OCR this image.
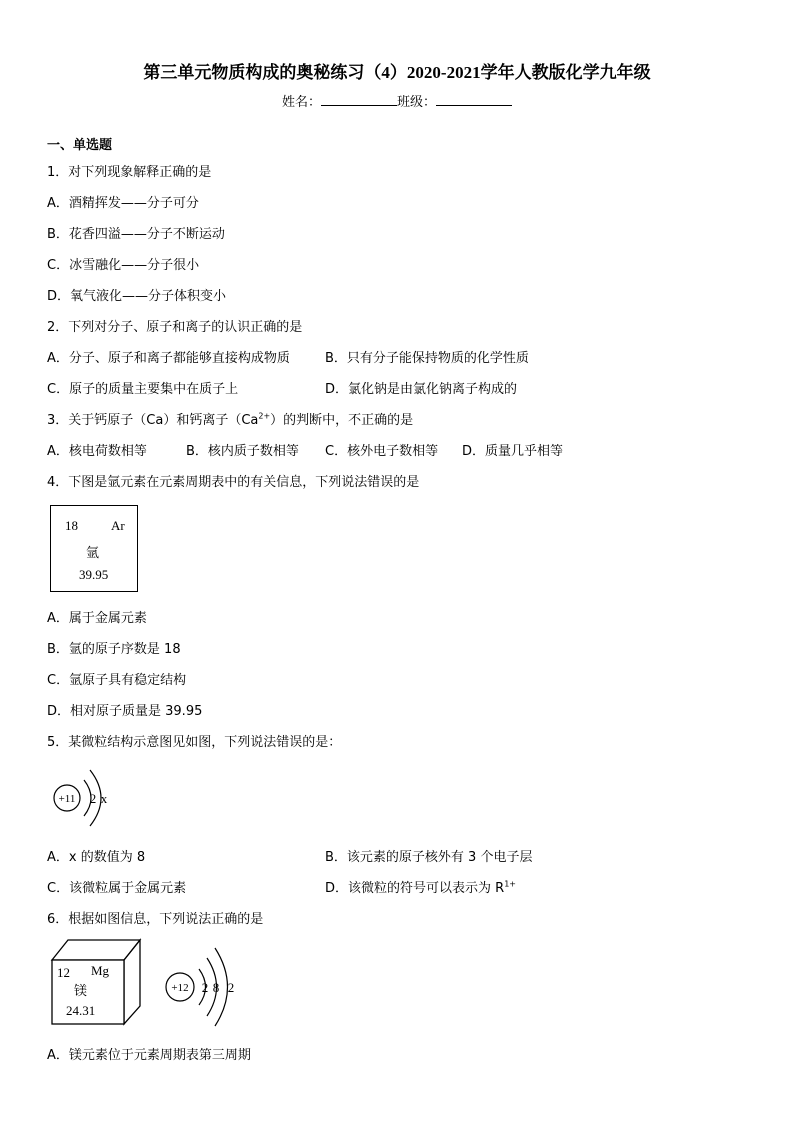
第三单元物质构成的奥秘练习（4）2020-2021学年人教版化学九年级
姓名：	班级：
一、单选题
1．对下列现象解释正确的是
A．酒精挥发——分子可分
B．花香四溢——分子不断运动
C．冰雪融化——分子很小
D．氧气液化——分子体积变小
2．下列对分子、原子和离子的认识正确的是
A．分子、原子和离子都能够直接构成物质	B．只有分子能保持物质的化学性质
C．原子的质量主要集中在质子上	D．氯化钠是由氯化钠离子构成的
3．关于钙原子（Ca）和钙离子$(Ca^{2+})$的判断中，不正确的是
A．核电荷数相等	B．核内质子数相等 C．核外电子数相等 D．质量几乎相等
4．下图是氩元素在元素周期表中的有关信息，下列说法错误的是
18	Ar
氩
39.95
A．属于金属元素
B．氩的原子序数是 18
C．氩原子具有稳定结构
D．相对原子质量是 39.95
5．某微粒结构示意图见如图，下列说法错误的是：
+11 2 x
A．x 的数值为 8	B．该元素的原子核外有 3 个电子层
C．该微粒属于金属元素	D．该微粒的符号可以表示为 $R^{1+}$
6．根据如图信息，下列说法正确的是
12 Mg
镁
24.31
+12 2 8 2
A．镁元素位于元素周期表第三周期
